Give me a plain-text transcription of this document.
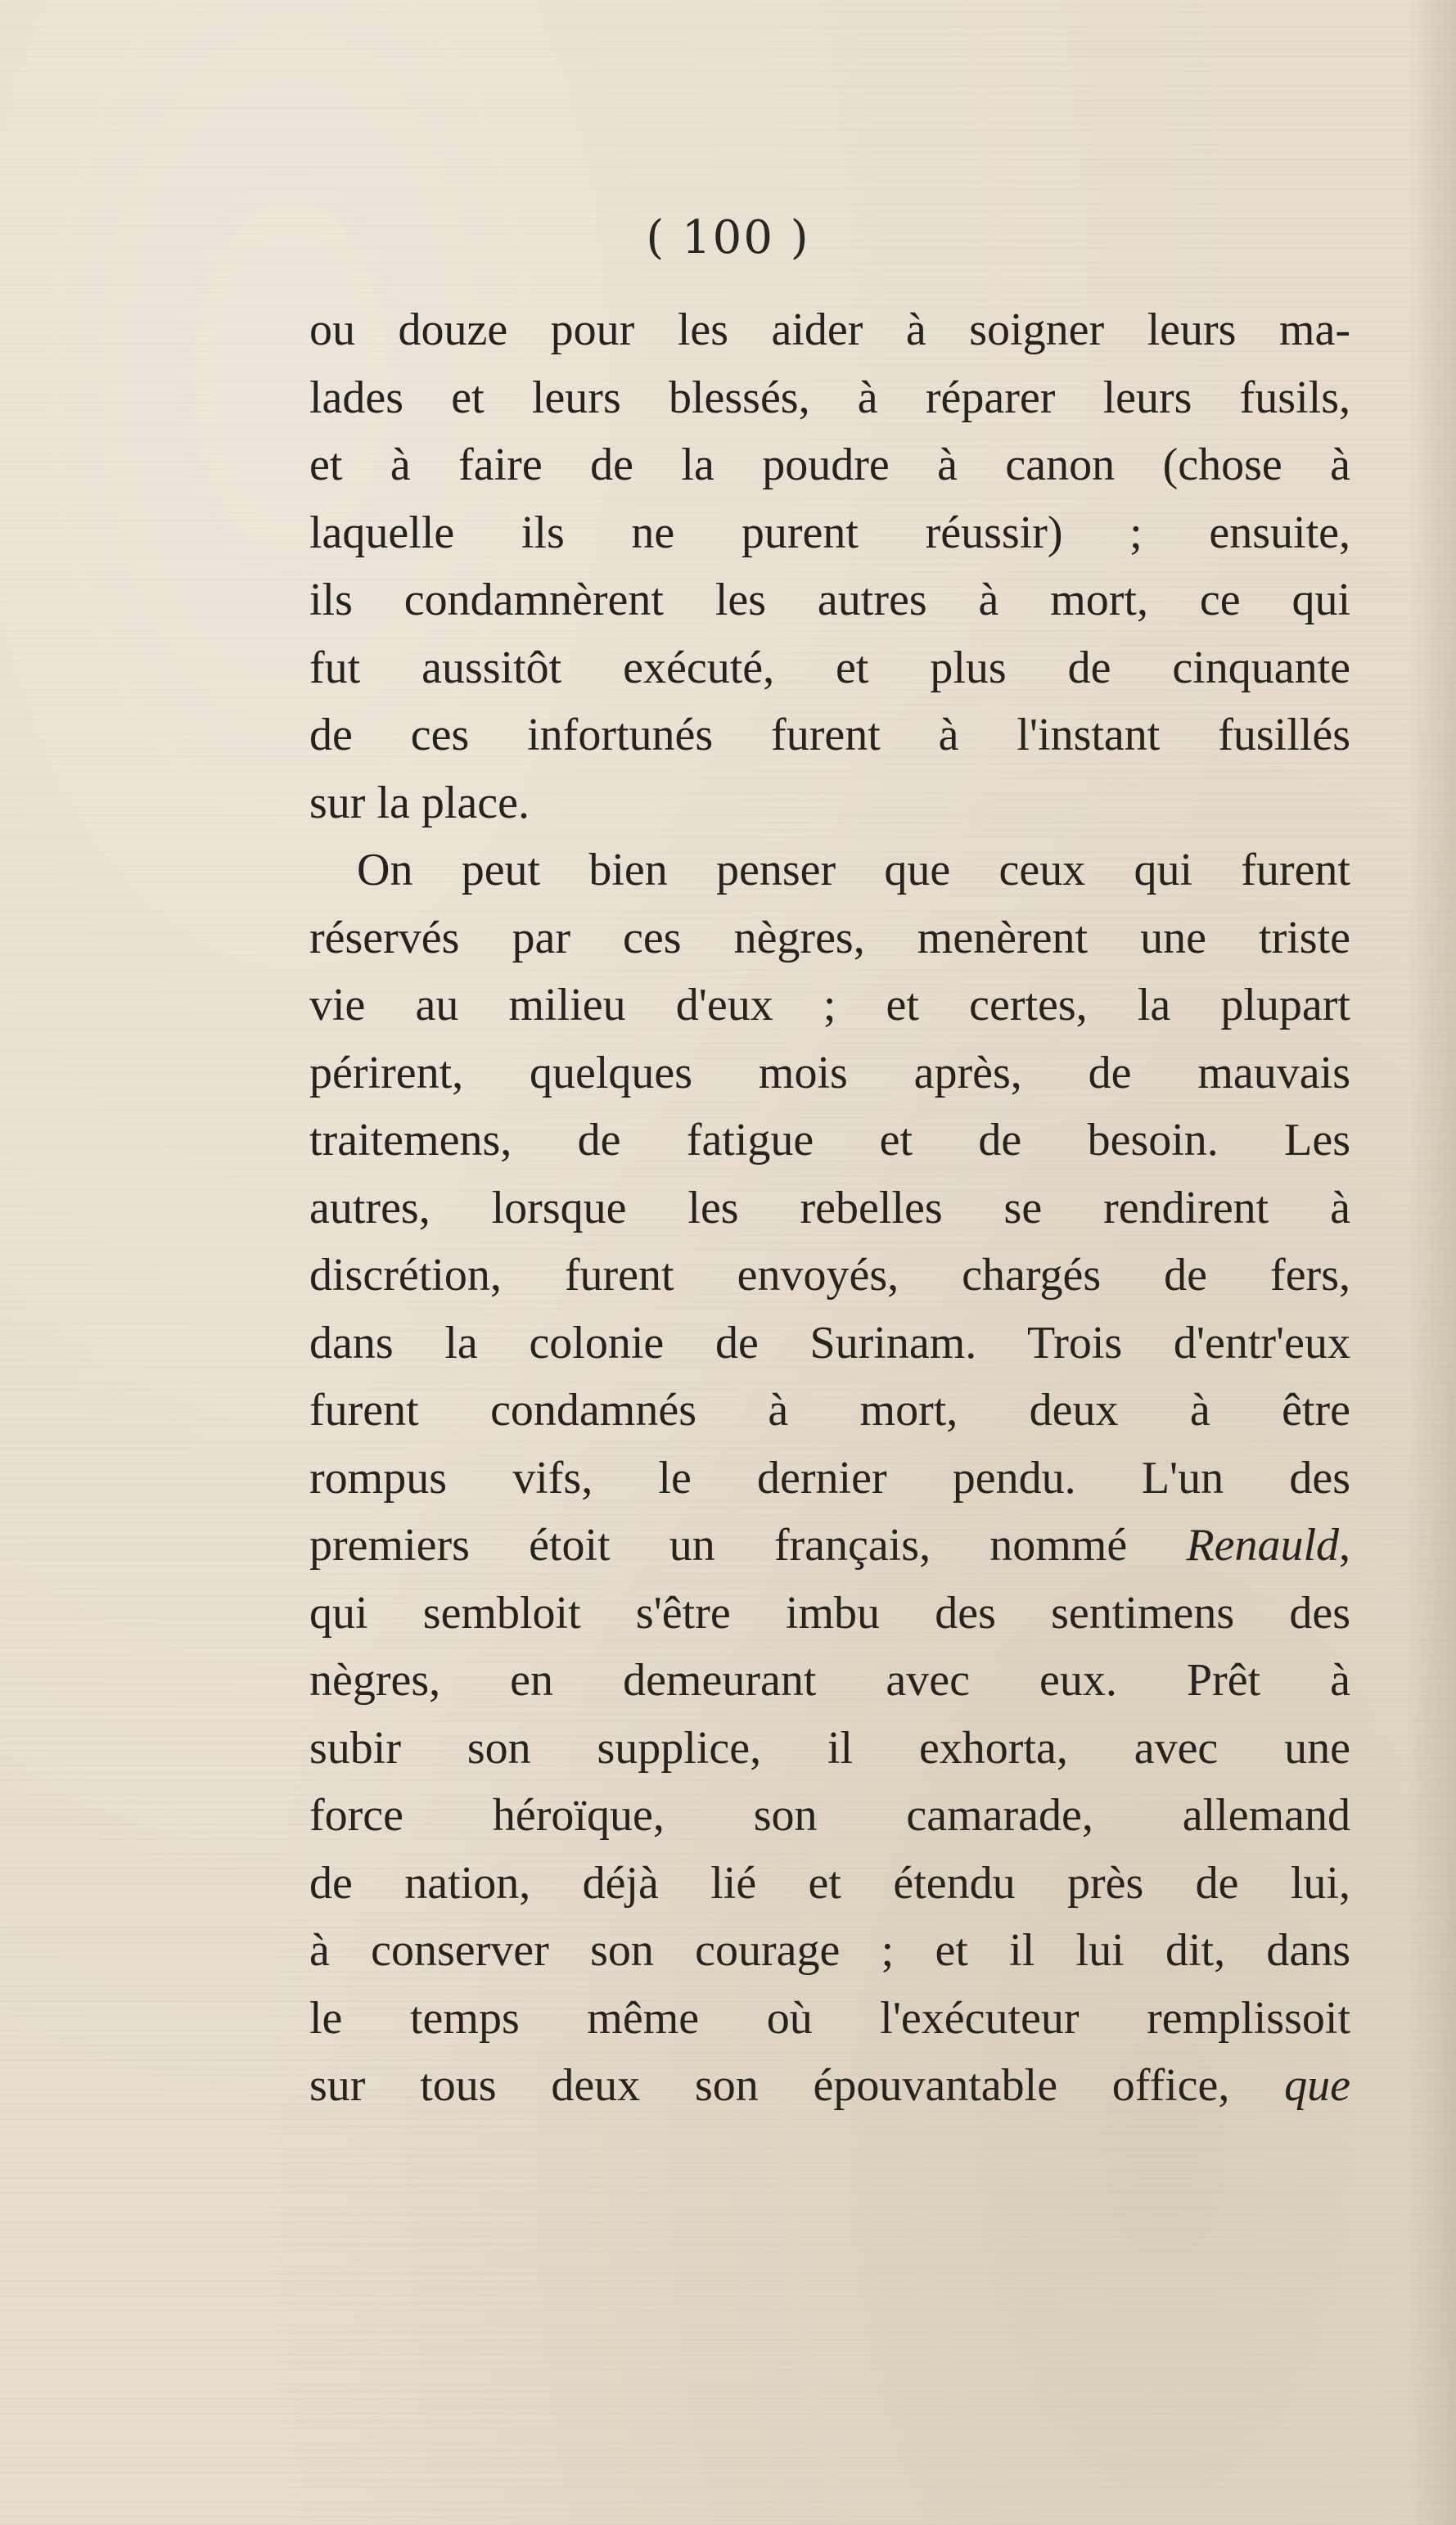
( 100 )
ou douze pour les aider à soigner leurs ma-
lades et leurs blessés, à réparer leurs fusils,
et à faire de la poudre à canon (chose à
laquelle ils ne purent réussir) ; ensuite,
ils condamnèrent les autres à mort, ce qui
fut aussitôt exécuté, et plus de cinquante
de ces infortunés furent à l'instant fusillés
sur la place.
On peut bien penser que ceux qui furent
réservés par ces nègres, menèrent une triste
vie au milieu d'eux ; et certes, la plupart
périrent, quelques mois après, de mauvais
traitemens, de fatigue et de besoin. Les
autres, lorsque les rebelles se rendirent à
discrétion, furent envoyés, chargés de fers,
dans la colonie de Surinam. Trois d'entr'eux
furent condamnés à mort, deux à être
rompus vifs, le dernier pendu. L'un des
premiers étoit un français, nommé Renauld,
qui sembloit s'être imbu des sentimens des
nègres, en demeurant avec eux. Prêt à
subir son supplice, il exhorta, avec une
force héroïque, son camarade, allemand
de nation, déjà lié et étendu près de lui,
à conserver son courage ; et il lui dit, dans
le temps même où l'exécuteur remplissoit
sur tous deux son épouvantable office, que
